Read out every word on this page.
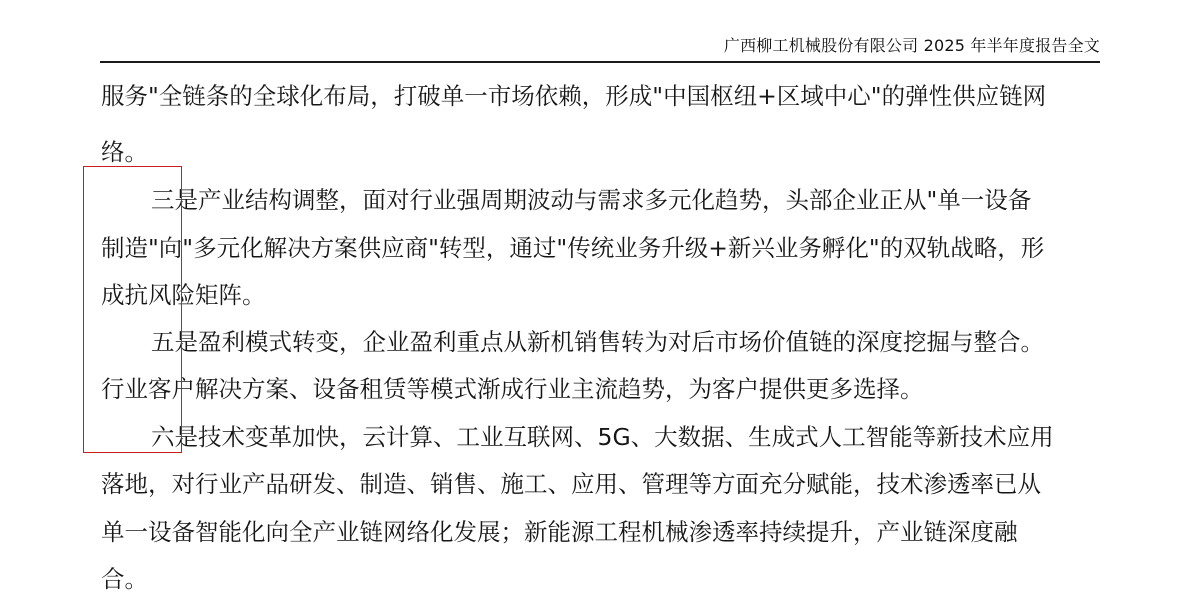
广西柳工机械股份有限公司 2025 年半年度报告全文
服务"全链条的全球化布局，打破单一市场依赖，形成"中国枢纽+区域中心"的弹性供应链网
络。
三是产业结构调整，面对行业强周期波动与需求多元化趋势，头部企业正从"单一设备
制造"向"多元化解决方案供应商"转型，通过"传统业务升级+新兴业务孵化"的双轨战略，形
成抗风险矩阵。
五是盈利模式转变，企业盈利重点从新机销售转为对后市场价值链的深度挖掘与整合。
行业客户解决方案、设备租赁等模式渐成行业主流趋势，为客户提供更多选择。
六是技术变革加快，云计算、工业互联网、5G、大数据、生成式人工智能等新技术应用
落地，对行业产品研发、制造、销售、施工、应用、管理等方面充分赋能，技术渗透率已从
单一设备智能化向全产业链网络化发展；新能源工程机械渗透率持续提升，产业链深度融
合。
